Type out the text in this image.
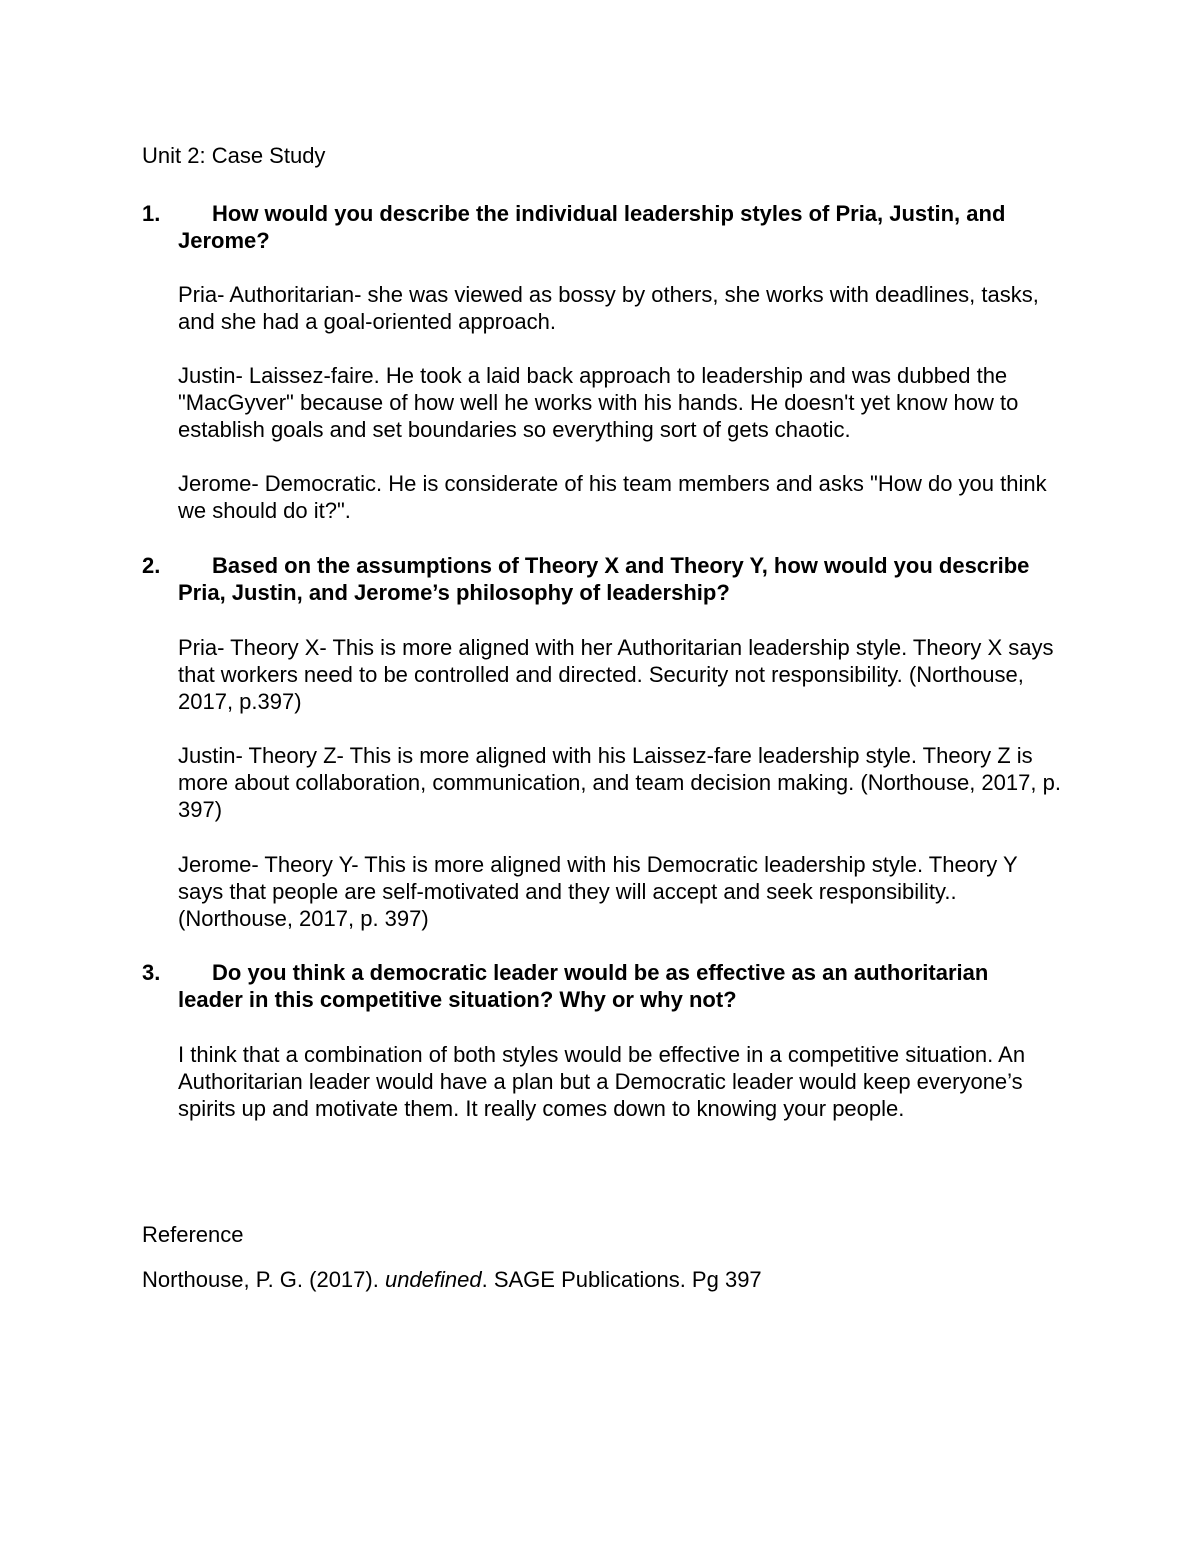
Unit 2: Case Study

1.	How would you describe the individual leadership styles of Pria, Justin, and Jerome?

Pria- Authoritarian- she was viewed as bossy by others, she works with deadlines, tasks, and she had a goal-oriented approach.

Justin- Laissez-faire. He took a laid back approach to leadership and was dubbed the "MacGyver" because of how well he works with his hands. He doesn't yet know how to establish goals and set boundaries so everything sort of gets chaotic.

Jerome- Democratic. He is considerate of his team members and asks "How do you think we should do it?".

2.	Based on the assumptions of Theory X and Theory Y, how would you describe Pria, Justin, and Jerome’s philosophy of leadership?

Pria- Theory X- This is more aligned with her Authoritarian leadership style. Theory X says that workers need to be controlled and directed. Security not responsibility. (Northouse, 2017, p.397)

Justin- Theory Z- This is more aligned with his Laissez-fare leadership style. Theory Z is more about collaboration, communication, and team decision making. (Northouse, 2017, p. 397)

Jerome- Theory Y- This is more aligned with his Democratic leadership style. Theory Y says that people are self-motivated and they will accept and seek responsibility.. (Northouse, 2017, p. 397)

3.	Do you think a democratic leader would be as effective as an authoritarian leader in this competitive situation? Why or why not?

I think that a combination of both styles would be effective in a competitive situation. An Authoritarian leader would have a plan but a Democratic leader would keep everyone’s spirits up and motivate them. It really comes down to knowing your people.

Reference

Northouse, P. G. (2017). undefined. SAGE Publications. Pg 397
